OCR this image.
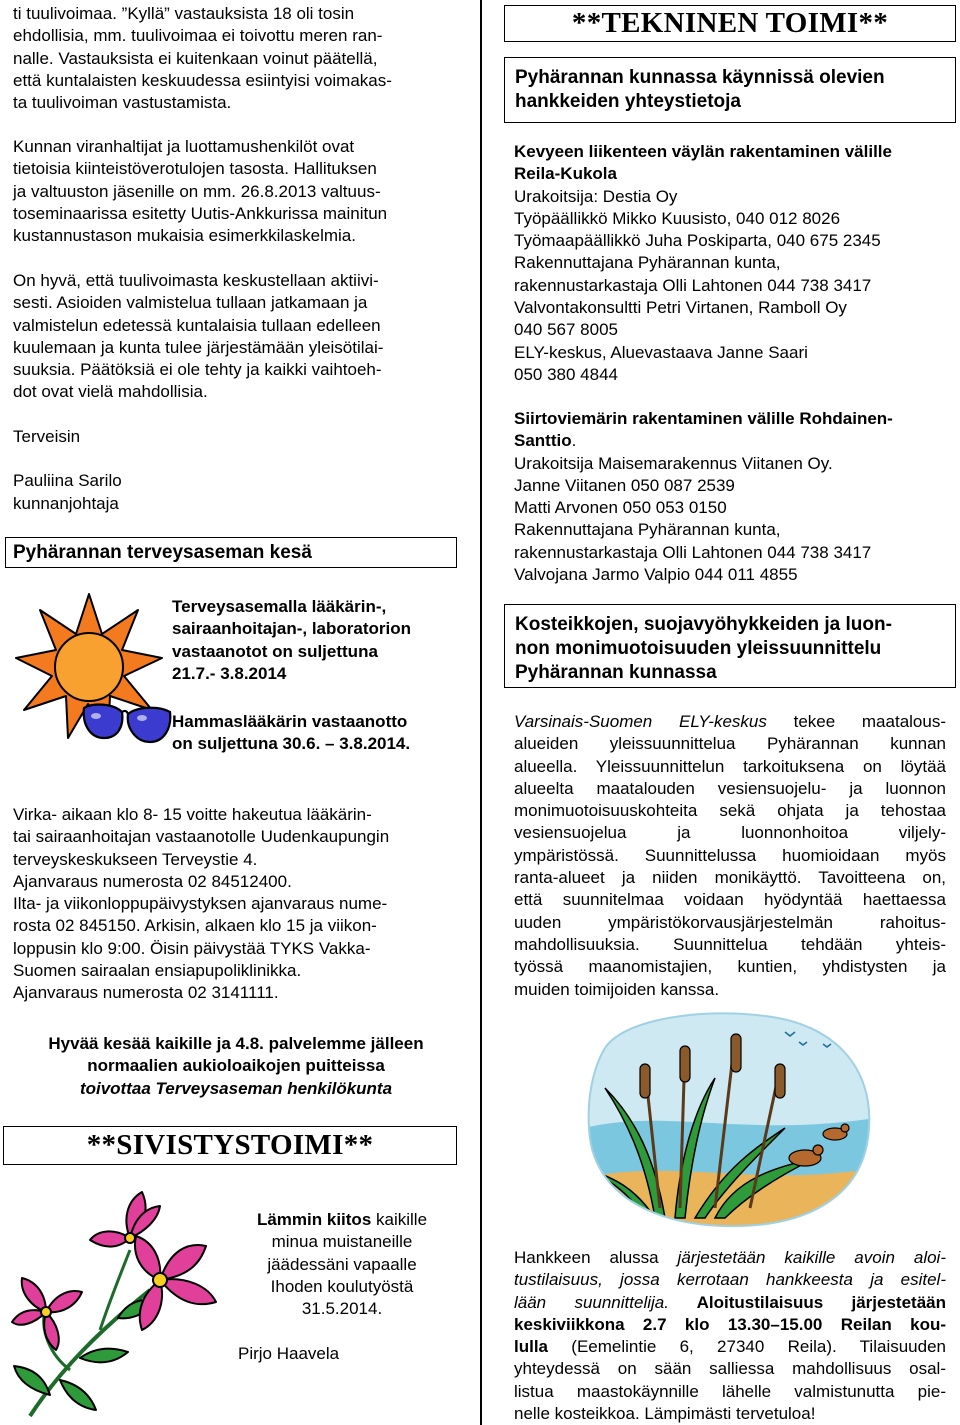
ti tuulivoimaa. ”Kyllä” vastauksista 18 oli tosin

ehdollisia, mm. tuulivoimaa ei toivottu meren ran-

nalle. Vastauksista ei kuitenkaan voinut päätellä,

että kuntalaisten keskuudessa esiintyisi voimakas-

ta tuulivoiman vastustamista.

Kunnan viranhaltijat ja luottamushenkilöt ovat

tietoisia kiinteistöverotulojen tasosta. Hallituksen

ja valtuuston jäsenille on mm. 26.8.2013 valtuus-

toseminaarissa esitetty Uutis-Ankkurissa mainitun

kustannustason mukaisia esimerkkilaskelmia.

On hyvä, että tuulivoimasta keskustellaan aktiivi-

sesti. Asioiden valmistelua tullaan jatkamaan ja

valmistelun edetessä kuntalaisia tullaan edelleen

kuulemaan ja kunta tulee järjestämään yleisötilai-

suuksia. Päätöksiä ei ole tehty ja kaikki vaihtoeh-

dot ovat vielä mahdollisia.

Terveisin

Pauliina Sarilo

kunnanjohtaja

Pyhärannan terveysaseman kesä

Terveysasemalla lääkärin-,

sairaanhoitajan-, laboratorion

vastaanotot on suljettuna

21.7.- 3.8.2014

Hammaslääkärin vastaanotto

on suljettuna 30.6. – 3.8.2014.

Virka- aikaan klo 8- 15 voitte hakeutua lääkärin-

tai sairaanhoitajan vastaanotolle Uudenkaupungin

terveyskeskukseen Terveystie 4.

Ajanvaraus numerosta 02 84512400.

Ilta- ja viikonloppupäivystyksen ajanvaraus nume-

rosta 02 845150. Arkisin, alkaen klo 15 ja viikon-

loppusin klo 9:00. Öisin päivystää TYKS Vakka-

Suomen sairaalan ensiapupoliklinikka.

Ajanvaraus numerosta 02 3141111.

Hyvää kesää kaikille ja 4.8. palvelemme jälleen

normaalien aukioloaikojen puitteissa

toivottaa Terveysaseman henkilökunta

**SIVISTYSTOIMI**

Lämmin kiitos kaikille

minua muistaneille

jäädessäni vapaalle

Ihoden koulutyöstä

31.5.2014.

Pirjo Haavela

**TEKNINEN TOIMI**

Pyhärannan kunnassa käynnissä olevien

hankkeiden yhteystietoja

Kevyeen liikenteen väylän rakentaminen välille

Reila-Kukola

Urakoitsija: Destia Oy

Työpäällikkö Mikko Kuusisto, 040 012 8026

Työmaapäällikkö Juha Poskiparta, 040 675 2345

Rakennuttajana Pyhärannan kunta,

rakennustarkastaja Olli Lahtonen 044 738 3417

Valvontakonsultti Petri Virtanen, Ramboll Oy

040 567 8005

ELY-keskus, Aluevastaava Janne Saari

050 380 4844

Siirtoviemärin rakentaminen välille Rohdainen-

Santtio.

Urakoitsija Maisemarakennus Viitanen Oy.

Janne Viitanen 050 087 2539

Matti Arvonen 050 053 0150

Rakennuttajana Pyhärannan kunta,

rakennustarkastaja Olli Lahtonen 044 738 3417

Valvojana Jarmo Valpio 044 011 4855

Kosteikkojen, suojavyöhykkeiden ja luon-

non monimuotoisuuden yleissuunnittelu

Pyhärannan kunnassa

Varsinais-Suomen ELY-keskus tekee maatalous-

alueiden yleissuunnittelua Pyhärannan kunnan

alueella. Yleissuunnittelun tarkoituksena on löytää

alueelta maatalouden vesiensuojelu- ja luonnon

monimuotoisuuskohteita sekä ohjata ja tehostaa

vesiensuojelua ja luonnonhoitoa viljely-

ympäristössä. Suunnittelussa huomioidaan myös

ranta-alueet ja niiden monikäyttö. Tavoitteena on,

että suunnitelmaa voidaan hyödyntää haettaessa

uuden ympäristökorvausjärjestelmän rahoitus-

mahdollisuuksia. Suunnittelua tehdään yhteis-

työssä maanomistajien, kuntien, yhdistysten ja

muiden toimijoiden kanssa.

Hankkeen alussa järjestetään kaikille avoin aloi-

tustilaisuus, jossa kerrotaan hankkeesta ja esitel-

lään suunnittelija. Aloitustilaisuus järjestetään

keskiviikkona 2.7 klo 13.30–15.00 Reilan kou-

lulla (Eemelintie 6, 27340 Reila). Tilaisuuden

yhteydessä on sään salliessa mahdollisuus osal-

listua maastokäynnille lähelle valmistunutta pie-

nelle kosteikkoa. Lämpimästi tervetuloa!
